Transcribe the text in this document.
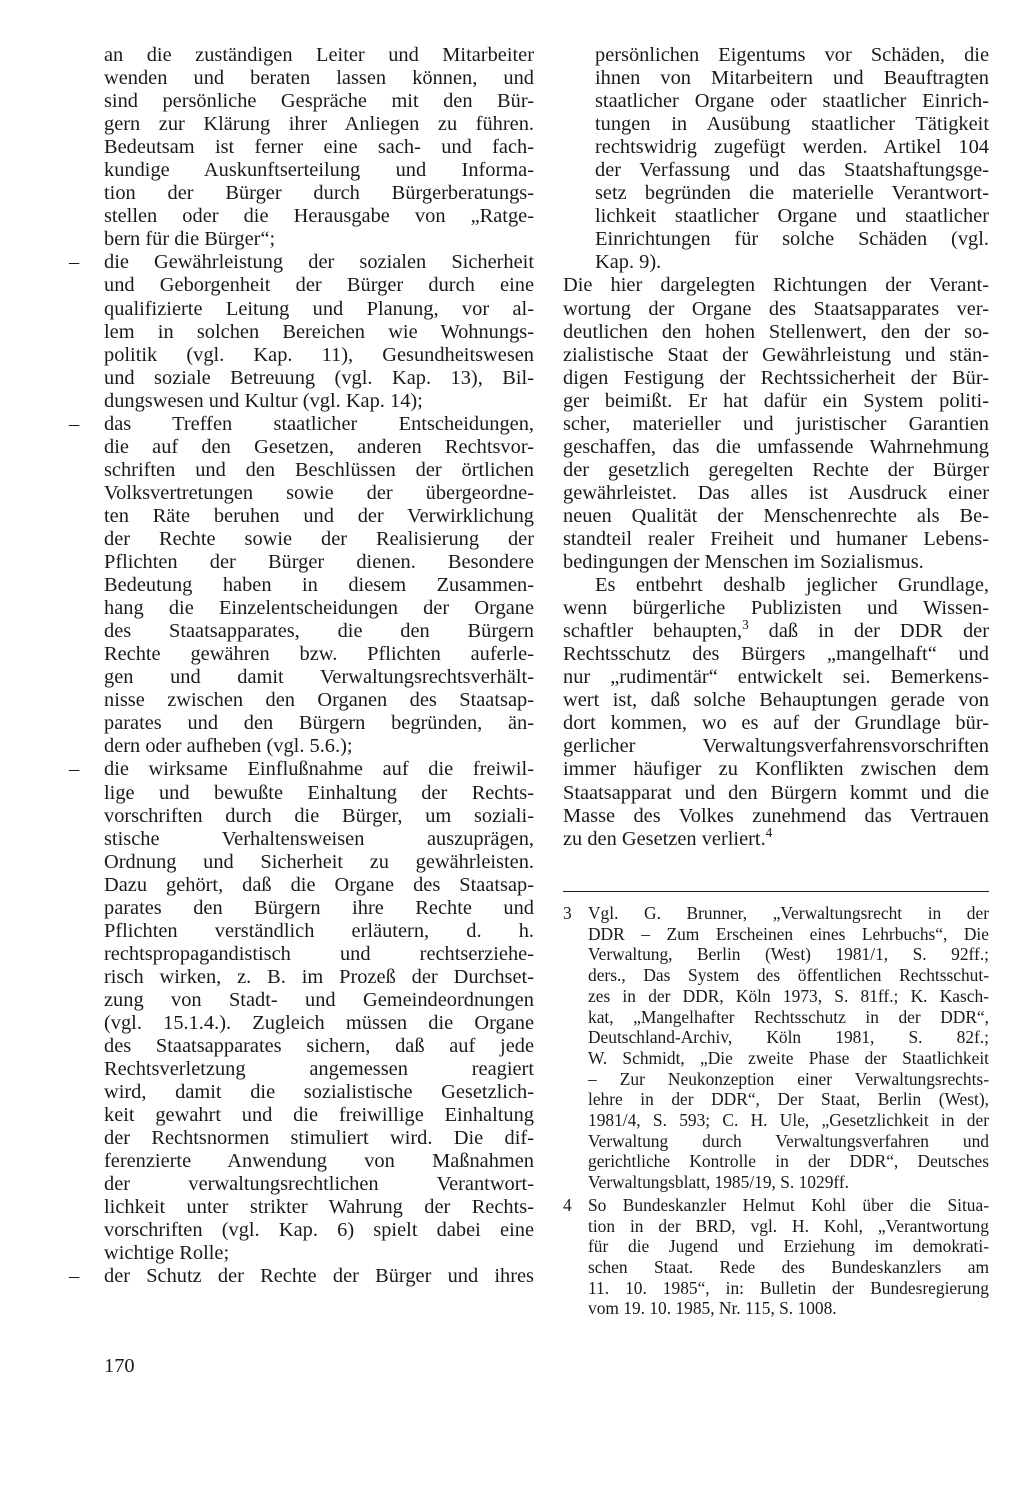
an die zuständigen Leiter und Mitarbeiter
wenden und beraten lassen können, und
sind persönliche Gespräche mit den Bür-
gern zur Klärung ihrer Anliegen zu führen.
Bedeutsam ist ferner eine sach- und fach-
kundige Auskunftserteilung und Informa-
tion der Bürger durch Bürgerberatungs-
stellen oder die Herausgabe von „Ratge-
bern für die Bürger“;
– die Gewährleistung der sozialen Sicherheit
und Geborgenheit der Bürger durch eine
qualifizierte Leitung und Planung, vor al-
lem in solchen Bereichen wie Wohnungs-
politik (vgl. Kap. 11), Gesundheitswesen
und soziale Betreuung (vgl. Kap. 13), Bil-
dungswesen und Kultur (vgl. Kap. 14);
– das Treffen staatlicher Entscheidungen,
die auf den Gesetzen, anderen Rechtsvor-
schriften und den Beschlüssen der örtlichen
Volksvertretungen sowie der übergeordne-
ten Räte beruhen und der Verwirklichung
der Rechte sowie der Realisierung der
Pflichten der Bürger dienen. Besondere
Bedeutung haben in diesem Zusammen-
hang die Einzelentscheidungen der Organe
des Staatsapparates, die den Bürgern
Rechte gewähren bzw. Pflichten auferle-
gen und damit Verwaltungsrechtsverhält-
nisse zwischen den Organen des Staatsap-
parates und den Bürgern begründen, än-
dern oder aufheben (vgl. 5.6.);
– die wirksame Einflußnahme auf die freiwil-
lige und bewußte Einhaltung der Rechts-
vorschriften durch die Bürger, um soziali-
stische Verhaltensweisen auszuprägen,
Ordnung und Sicherheit zu gewährleisten.
Dazu gehört, daß die Organe des Staatsap-
parates den Bürgern ihre Rechte und
Pflichten verständlich erläutern, d. h.
rechtspropagandistisch und rechtserziehe-
risch wirken, z. B. im Prozeß der Durchset-
zung von Stadt- und Gemeindeordnungen
(vgl. 15.1.4.). Zugleich müssen die Organe
des Staatsapparates sichern, daß auf jede
Rechtsverletzung angemessen reagiert
wird, damit die sozialistische Gesetzlich-
keit gewahrt und die freiwillige Einhaltung
der Rechtsnormen stimuliert wird. Die dif-
ferenzierte Anwendung von Maßnahmen
der verwaltungsrechtlichen Verantwort-
lichkeit unter strikter Wahrung der Rechts-
vorschriften (vgl. Kap. 6) spielt dabei eine
wichtige Rolle;
– der Schutz der Rechte der Bürger und ihres
persönlichen Eigentums vor Schäden, die
ihnen von Mitarbeitern und Beauftragten
staatlicher Organe oder staatlicher Einrich-
tungen in Ausübung staatlicher Tätigkeit
rechtswidrig zugefügt werden. Artikel 104
der Verfassung und das Staatshaftungsge-
setz begründen die materielle Verantwort-
lichkeit staatlicher Organe und staatlicher
Einrichtungen für solche Schäden (vgl.
Kap. 9).
Die hier dargelegten Richtungen der Verant-
wortung der Organe des Staatsapparates ver-
deutlichen den hohen Stellenwert, den der so-
zialistische Staat der Gewährleistung und stän-
digen Festigung der Rechtssicherheit der Bür-
ger beimißt. Er hat dafür ein System politi-
scher, materieller und juristischer Garantien
geschaffen, das die umfassende Wahrnehmung
der gesetzlich geregelten Rechte der Bürger
gewährleistet. Das alles ist Ausdruck einer
neuen Qualität der Menschenrechte als Be-
standteil realer Freiheit und humaner Lebens-
bedingungen der Menschen im Sozialismus.
Es entbehrt deshalb jeglicher Grundlage,
wenn bürgerliche Publizisten und Wissen-
schaftler behaupten,$^3$ daß in der DDR der
Rechtsschutz des Bürgers „mangelhaft“ und
nur „rudimentär“ entwickelt sei. Bemerkens-
wert ist, daß solche Behauptungen gerade von
dort kommen, wo es auf der Grundlage bür-
gerlicher Verwaltungsverfahrensvorschriften
immer häufiger zu Konflikten zwischen dem
Staatsapparat und den Bürgern kommt und die
Masse des Volkes zunehmend das Vertrauen
zu den Gesetzen verliert.$^4$
3 Vgl. G. Brunner, „Verwaltungsrecht in der
DDR – Zum Erscheinen eines Lehrbuchs“, Die
Verwaltung, Berlin (West) 1981/1, S. 92ff.;
ders., Das System des öffentlichen Rechtsschut-
zes in der DDR, Köln 1973, S. 81ff.; K. Kasch-
kat, „Mangelhafter Rechtsschutz in der DDR“,
Deutschland-Archiv, Köln 1981, S. 82f.;
W. Schmidt, „Die zweite Phase der Staatlichkeit
– Zur Neukonzeption einer Verwaltungsrechts-
lehre in der DDR“, Der Staat, Berlin (West),
1981/4, S. 593; C. H. Ule, „Gesetzlichkeit in der
Verwaltung durch Verwaltungsverfahren und
gerichtliche Kontrolle in der DDR“, Deutsches
Verwaltungsblatt, 1985/19, S. 1029ff.
4 So Bundeskanzler Helmut Kohl über die Situa-
tion in der BRD, vgl. H. Kohl, „Verantwortung
für die Jugend und Erziehung im demokrati-
schen Staat. Rede des Bundeskanzlers am
11. 10. 1985“, in: Bulletin der Bundesregierung
vom 19. 10. 1985, Nr. 115, S. 1008.
170
